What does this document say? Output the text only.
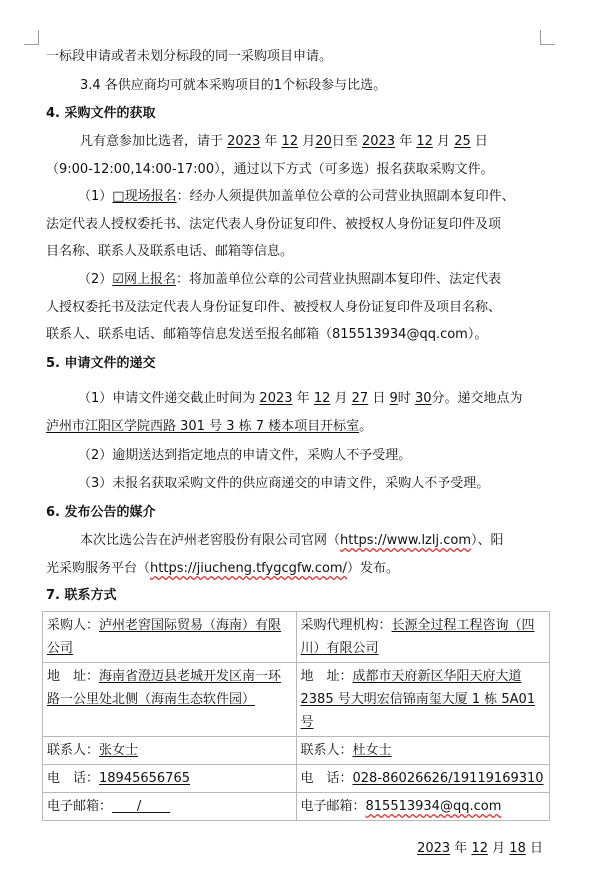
一标段申请或者未划分标段的同一采购项目申请。
3.4 各供应商均可就本采购项目的1个标段参与比选。
4. 采购文件的获取
凡有意参加比选者，请于 2023 年 12 月20日至 2023 年 12 月 25 日
（9:00-12:00,14:00-17:00），通过以下方式（可多选）报名获取采购文件。
（1）□现场报名：经办人须提供加盖单位公章的公司营业执照副本复印件、
法定代表人授权委托书、法定代表人身份证复印件、被授权人身份证复印件及项
目名称、联系人及联系电话、邮箱等信息。
（2）☑网上报名：将加盖单位公章的公司营业执照副本复印件、法定代表
人授权委托书及法定代表人身份证复印件、被授权人身份证复印件及项目名称、
联系人、联系电话、邮箱等信息发送至报名邮箱（815513934@qq.com）。
5. 申请文件的递交
（1）申请文件递交截止时间为 2023 年 12 月 27 日 9时 30分。递交地点为
泸州市江阳区学院西路 301 号 3 栋 7 楼本项目开标室。
（2）逾期送达到指定地点的申请文件，采购人不予受理。
（3）未报名获取采购文件的供应商递交的申请文件，采购人不予受理。
6. 发布公告的媒介
本次比选公告在泸州老窖股份有限公司官网（https://www.lzlj.com）、阳
光采购服务平台（https://jiucheng.tfygcgfw.com/）发布。
7. 联系方式
采购人：泸州老窖国际贸易（海南）有限公司	采购代理机构：长源全过程工程咨询（四川）有限公司
地　址：海南省澄迈县老城开发区南一环路一公里处北侧（海南生态软件园）	地　址：成都市天府新区华阳天府大道 2385 号大明宏信锦南玺大厦 1 栋 5A01 号
联系人：张女士 	联系人：杜女士 
电　话：18945656765	电　话：028-86026626/19119169310
电子邮箱： /	电子邮箱：815513934@qq.com
2023 年 12 月 18 日
